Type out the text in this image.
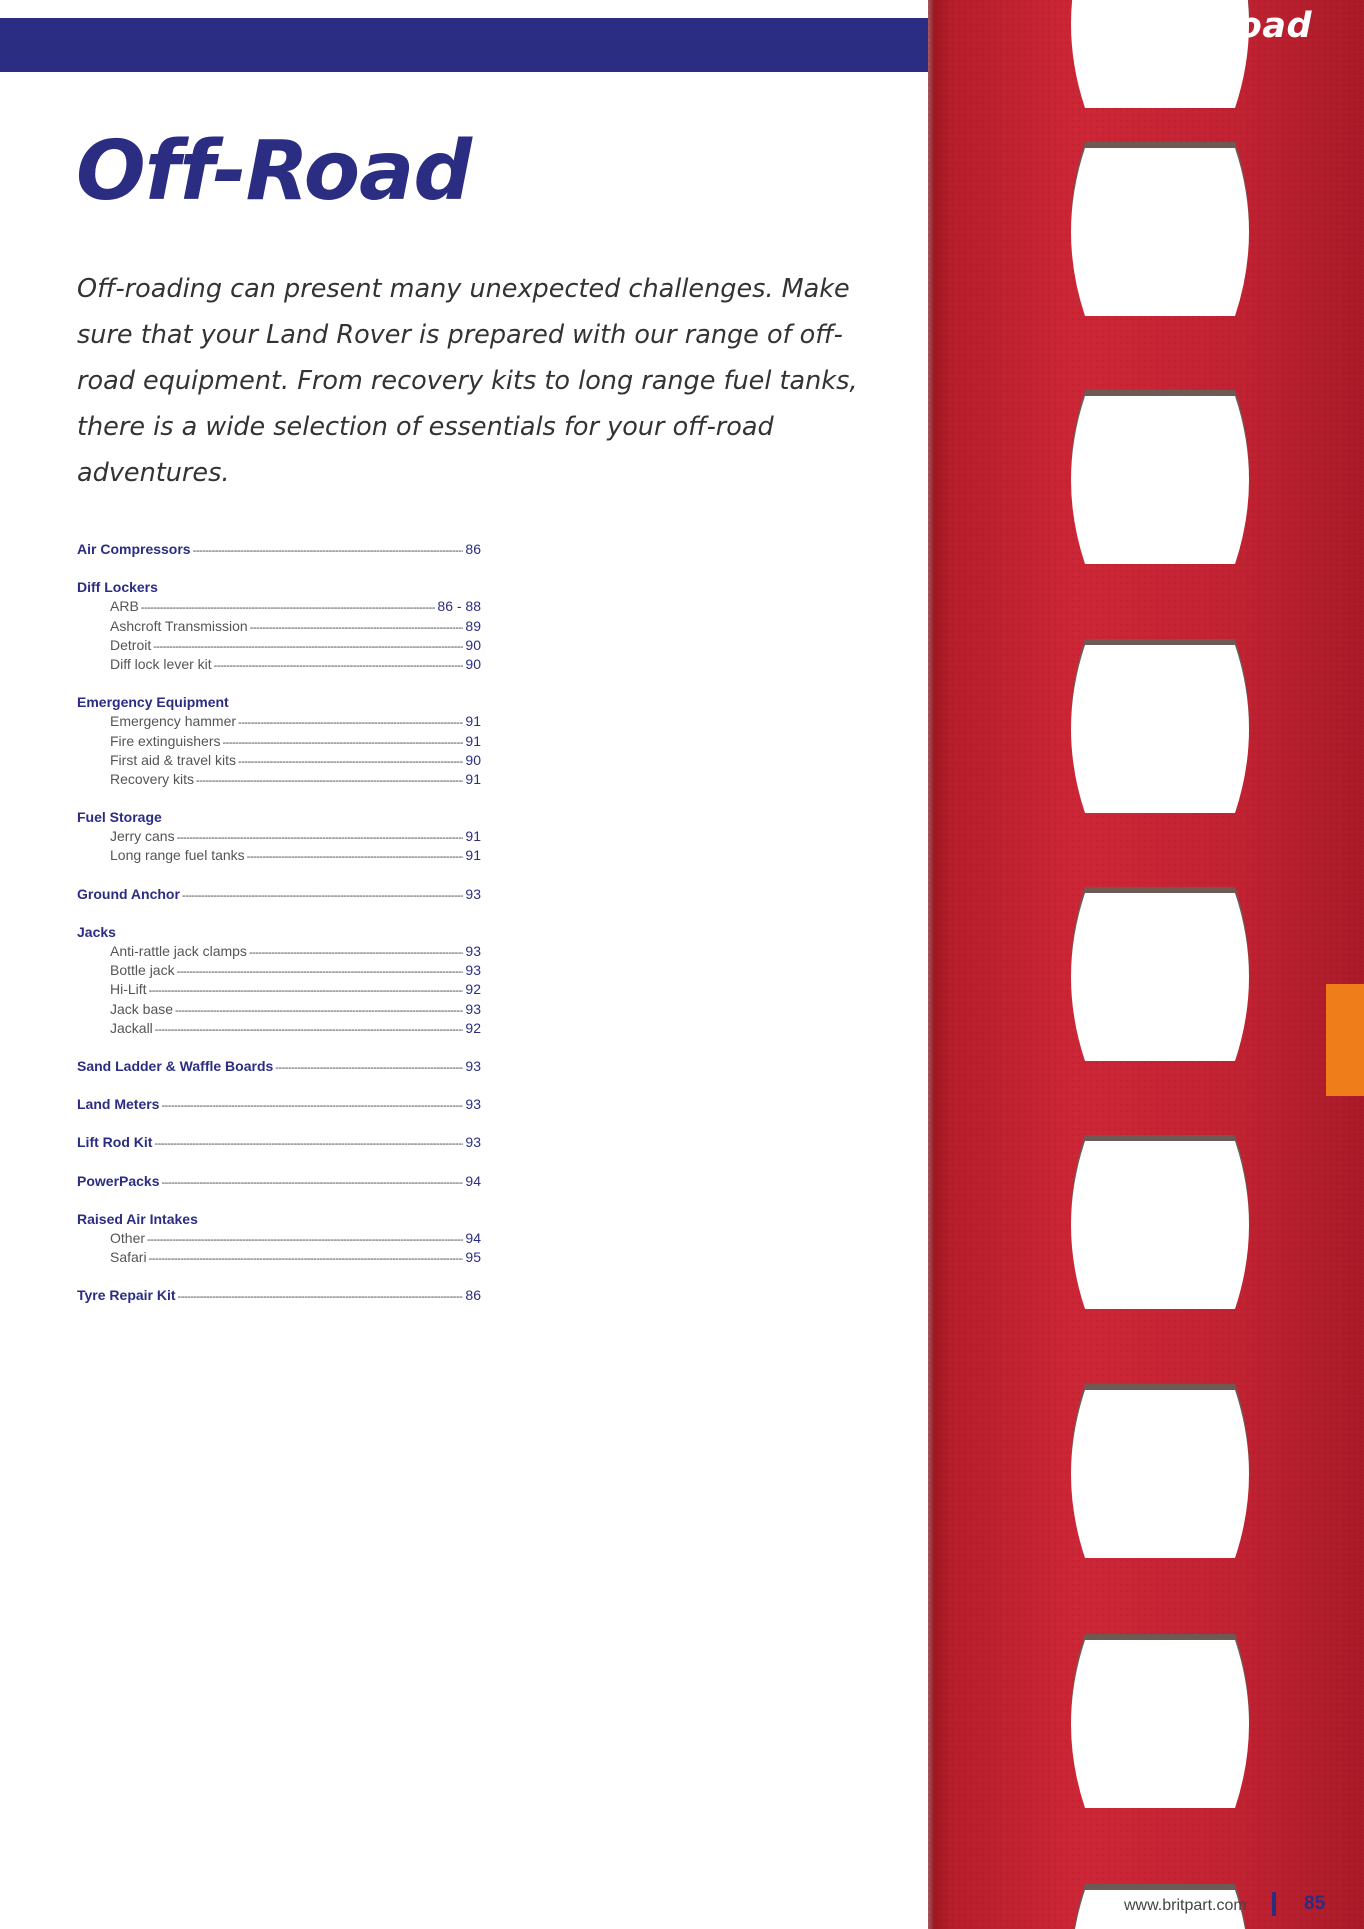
> Off-Road
Off-Road

Off-roading can present many unexpected challenges. Make sure that your Land Rover is prepared with our range of off-road equipment. From recovery kits to long range fuel tanks, there is a wide selection of essentials for your off-road adventures.

Air Compressors -----	86
Diff Lockers
ARB -----	86 - 88
Ashcroft Transmission -----	89
Detroit -----	90
Diff lock lever kit -----	90
Emergency Equipment
Emergency hammer -----	91
Fire extinguishers -----	91
First aid & travel kits -----	90
Recovery kits -----	91
Fuel Storage
Jerry cans -----	91
Long range fuel tanks -----	91
Ground Anchor -----	93
Jacks
Anti-rattle jack clamps -----	93
Bottle jack -----	93
Hi-Lift -----	92
Jack base -----	93
Jackall -----	92
Sand Ladder & Waffle Boards -----	93
Land Meters -----	93
Lift Rod Kit -----	93
PowerPacks -----	94
Raised Air Intakes
Other -----	94
Safari -----	95
Tyre Repair Kit -----	86
www.britpart.com	85
